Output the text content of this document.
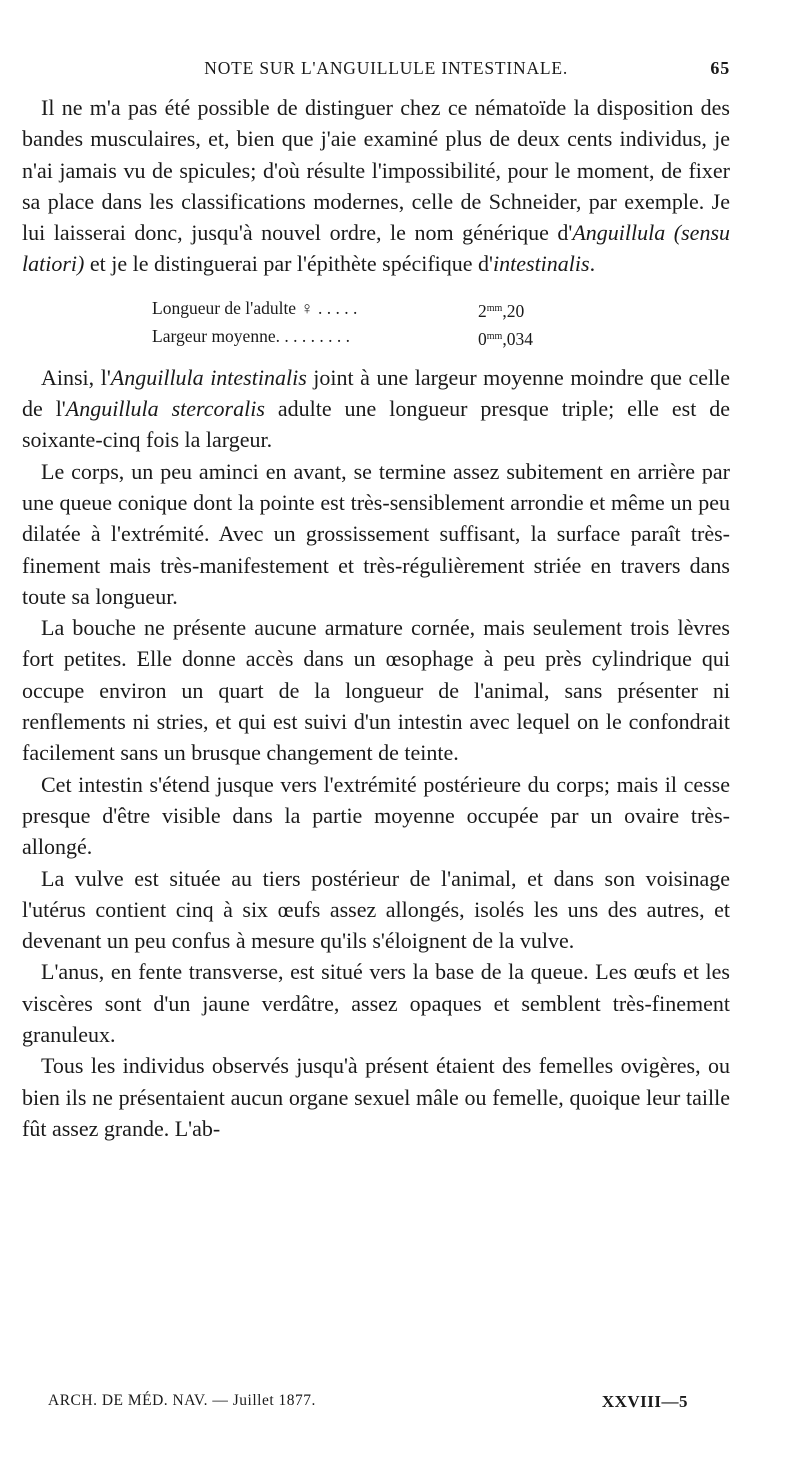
NOTE SUR L'ANGUILLULE INTESTINALE.	65

Il ne m'a pas été possible de distinguer chez ce nématoïde la disposition des bandes musculaires, et, bien que j'aie examiné plus de deux cents individus, je n'ai jamais vu de spicules; d'où résulte l'impossibilité, pour le moment, de fixer sa place dans les classifications modernes, celle de Schneider, par exemple. Je lui laisserai donc, jusqu'à nouvel ordre, le nom générique d'Anguillula (sensu latiori) et je le distinguerai par l'épithète spécifique d'intestinalis.

Longueur de l'adulte ♀ . . . . .	$2^{mm},20$
Largeur moyenne. . . . . . . . .	$0^{mm},034$

Ainsi, l'Anguillula intestinalis joint à une largeur moyenne moindre que celle de l'Anguillula stercoralis adulte une longueur presque triple; elle est de soixante-cinq fois la largeur.

Le corps, un peu aminci en avant, se termine assez subitement en arrière par une queue conique dont la pointe est très-sensiblement arrondie et même un peu dilatée à l'extrémité. Avec un grossissement suffisant, la surface paraît très-finement mais très-manifestement et très-régulièrement striée en travers dans toute sa longueur.

La bouche ne présente aucune armature cornée, mais seulement trois lèvres fort petites. Elle donne accès dans un œsophage à peu près cylindrique qui occupe environ un quart de la longueur de l'animal, sans présenter ni renflements ni stries, et qui est suivi d'un intestin avec lequel on le confondrait facilement sans un brusque changement de teinte.

Cet intestin s'étend jusque vers l'extrémité postérieure du corps; mais il cesse presque d'être visible dans la partie moyenne occupée par un ovaire très-allongé.

La vulve est située au tiers postérieur de l'animal, et dans son voisinage l'utérus contient cinq à six œufs assez allongés, isolés les uns des autres, et devenant un peu confus à mesure qu'ils s'éloignent de la vulve.

L'anus, en fente transverse, est situé vers la base de la queue. Les œufs et les viscères sont d'un jaune verdâtre, assez opaques et semblent très-finement granuleux.

Tous les individus observés jusqu'à présent étaient des femelles ovigères, ou bien ils ne présentaient aucun organe sexuel mâle ou femelle, quoique leur taille fût assez grande. L'ab-

ARCH. DE MÉD. NAV. — Juillet 1877.	XXVIII—5
